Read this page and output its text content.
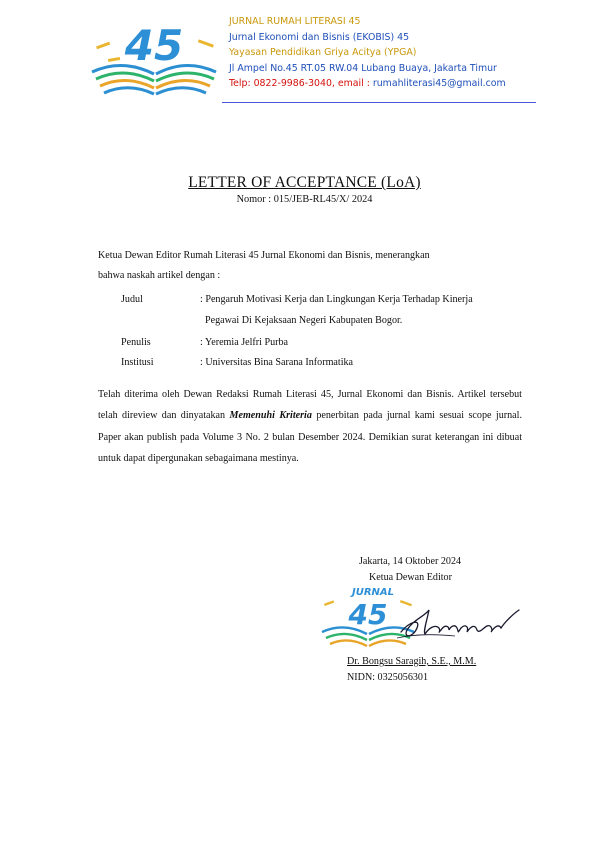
45	JURNAL RUMAH LITERASI 45
Jurnal Ekonomi dan Bisnis (EKOBIS) 45
Yayasan Pendidikan Griya Acitya (YPGA)
Jl Ampel No.45 RT.05 RW.04 Lubang Buaya, Jakarta Timur
Telp: 0822-9986-3040, email : rumahliterasi45@gmail.com
LETTER OF ACCEPTANCE (LoA)
Nomor : 015/JEB-RL45/X/ 2024
Ketua Dewan Editor Rumah Literasi 45 Jurnal Ekonomi dan Bisnis, menerangkan
bahwa naskah artikel dengan :
Judul	: Pengaruh Motivasi Kerja dan Lingkungan Kerja Terhadap Kinerja
Pegawai Di Kejaksaan Negeri Kabupaten Bogor.
Penulis	: Yeremia Jelfri Purba
Institusi	: Universitas Bina Sarana Informatika
Telah diterima oleh Dewan Redaksi Rumah Literasi 45, Jurnal Ekonomi dan Bisnis. Artikel tersebut telah direview dan dinyatakan Memenuhi Kriteria penerbitan pada jurnal kami sesuai scope jurnal. Paper akan publish pada Volume 3 No. 2 bulan Desember 2024. Demikian surat keterangan ini dibuat untuk dapat dipergunakan sebagaimana mestinya.
Jakarta, 14 Oktober 2024
Ketua Dewan Editor
JURNAL
45
Dr. Bongsu Saragih, S.E., M.M.
NIDN: 0325056301
